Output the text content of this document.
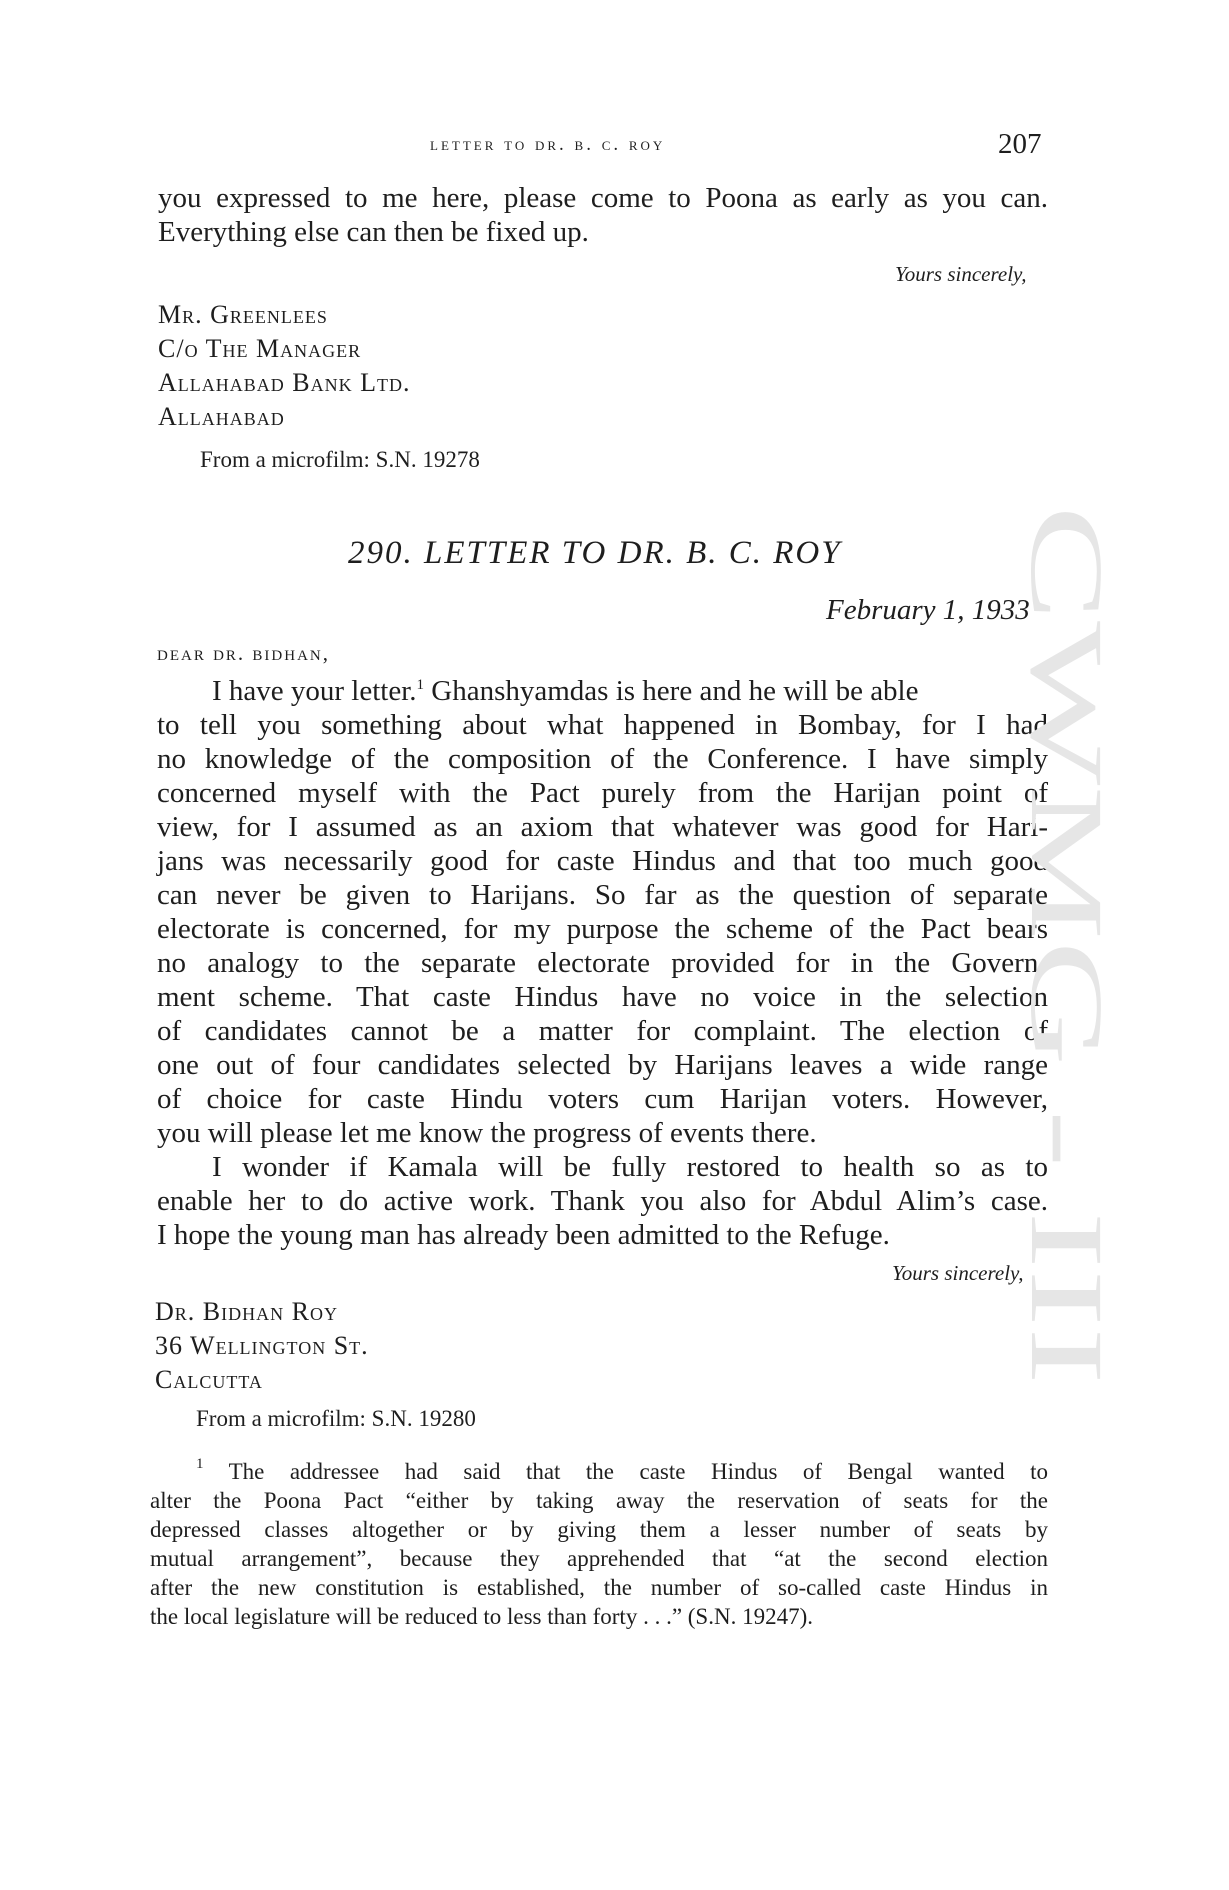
letter to dr. b. c. roy	207
you expressed to me here, please come to Poona as early as you can.
Everything else can then be fixed up.
Yours sincerely,
Mr. Greenlees
C/o The Manager
Allahabad Bank Ltd.
Allahabad
From a microfilm: S.N. 19278
290. LETTER TO DR. B. C. ROY
February 1, 1933
dear dr. bidhan,
I have your letter.$^1$ Ghanshyamdas is here and he will be able
to tell you something about what happened in Bombay, for I had
no knowledge of the composition of the Conference. I have simply
concerned myself with the Pact purely from the Harijan point of
view, for I assumed as an axiom that whatever was good for Hari-
jans was necessarily good for caste Hindus and that too much good
can never be given to Harijans. So far as the question of separate
electorate is concerned, for my purpose the scheme of the Pact bears
no analogy to the separate electorate provided for in the Govern-
ment scheme. That caste Hindus have no voice in the selection
of candidates cannot be a matter for complaint. The election of
one out of four candidates selected by Harijans leaves a wide range
of choice for caste Hindu voters cum Harijan voters. However,
you will please let me know the progress of events there.
I wonder if Kamala will be fully restored to health so as to
enable her to do active work. Thank you also for Abdul Alim’s case.
I hope the young man has already been admitted to the Refuge.
Yours sincerely,
Dr. Bidhan Roy
36 Wellington St.
Calcutta
From a microfilm: S.N. 19280
$^1$ The addressee had said that the caste Hindus of Bengal wanted to
alter the Poona Pact “either by taking away the reservation of seats for the
depressed classes altogether or by giving them a lesser number of seats by
mutual arrangement”, because they apprehended that “at the second election
after the new constitution is established, the number of so-called caste Hindus in
the local legislature will be reduced to less than forty . . .” (S.N. 19247).
CWMG - III
